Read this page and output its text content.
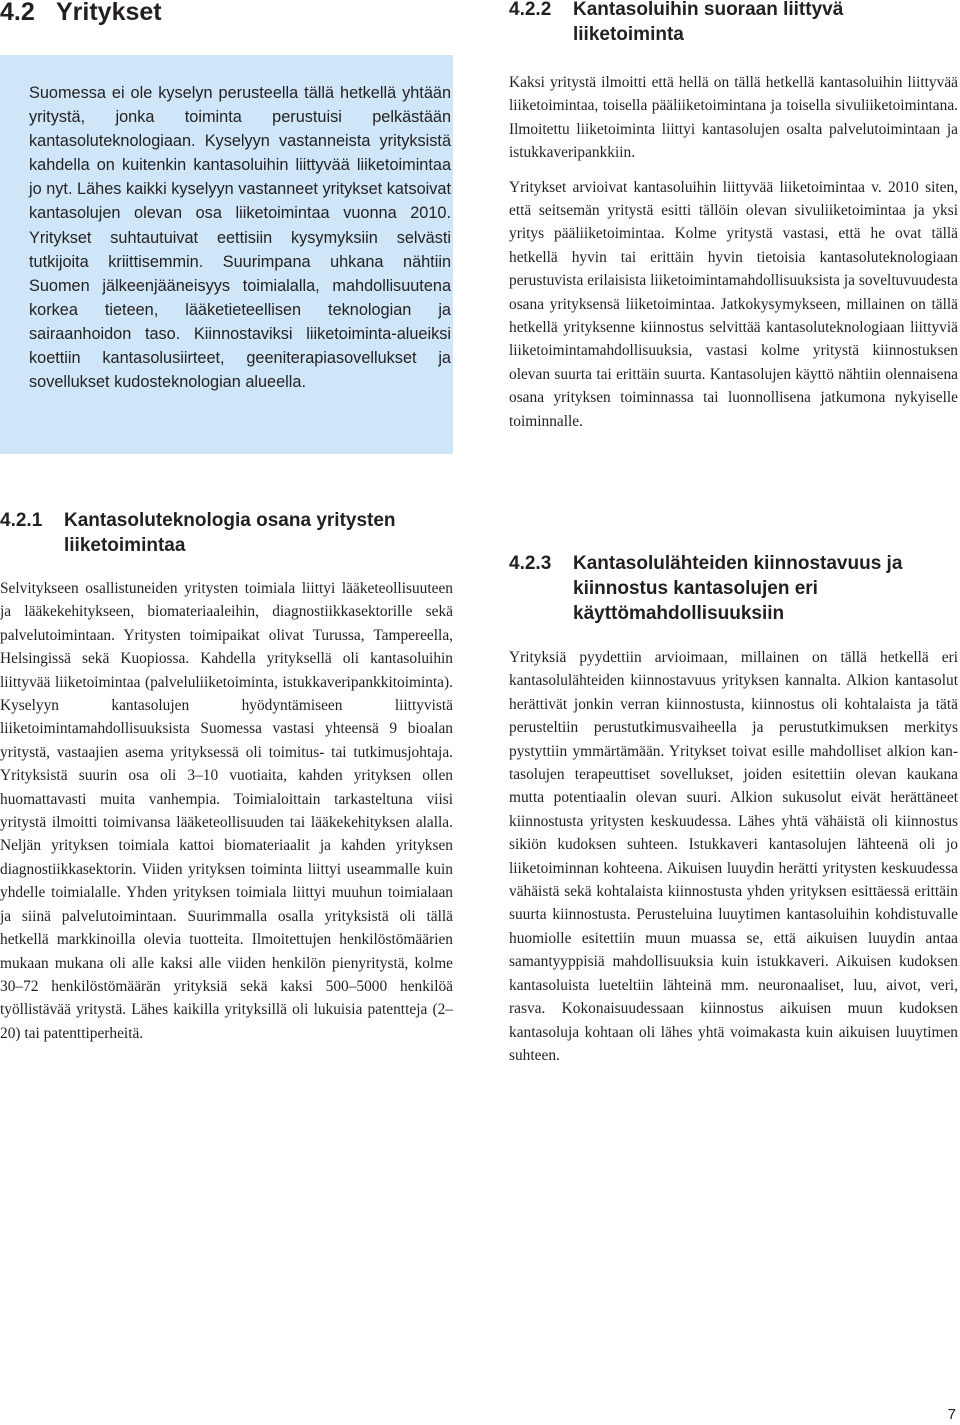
4.2 Yritykset
Suomessa ei ole kyselyn perusteella tällä hetkellä yhtään yritystä, jonka toiminta perustuisi pelkästään kantasoluteknologiaan. Kyselyyn vastanneista yrityksistä kahdella on kuitenkin kantasoluihin liittyvää liiketoimintaa jo nyt. Lähes kaikki kyselyyn vastanneet yritykset katsoivat kantasolujen olevan osa liiketoimintaa vuonna 2010. Yritykset suhtautuivat eettisiin kysymyksiin selvästi tutkijoita kriittisemmin. Suurimpana uhkana nähtiin Suomen jälkeenjääneisyys toimialalla, mahdollisuutena korkea tieteen, lääketieteellisen teknologian ja sairaanhoidon taso. Kiinnostaviksi liiketoiminta-alueiksi koettiin kantasolusiirteet, geeniterapiasovellukset ja sovellukset kudosteknologian alueella.
4.2.1 Kantasoluteknologia osana yritysten liiketoimintaa

Selvitykseen osallistuneiden yritysten toimiala liittyi lääketeollisuuteen ja lääkekehitykseen, biomateriaaleihin, diagnostiikkasektorille sekä palvelutoimintaan. Yritysten toimipaikat olivat Turussa, Tampereella, Helsingissä sekä Kuopiossa. Kahdella yrityksellä oli kantasoluihin liittyvää liiketoimintaa (palveluliiketoiminta, istukkaveripankkitoiminta). Kyselyyn kantasolujen hyödyntämiseen liittyvistä liiketoimintamahdollisuuksista Suomessa vastasi yhteensä 9 bioalan yritystä, vastaajien asema yrityksessä oli toimitus- tai tutkimusjohtaja. Yrityksistä suurin osa oli 3–10 vuotiaita, kahden yrityksen ollen huomattavasti muita vanhempia. Toimialoittain tarkasteltuna viisi yritystä ilmoitti toimivansa lääketeollisuuden tai lääkekehityksen alalla. Neljän yrityksen toimiala kattoi biomateriaalit ja kahden yrityksen diagnostiikkasektorin. Viiden yrityksen toiminta liittyi useammalle kuin yhdelle toimialalle. Yhden yrityksen toimiala liittyi muuhun toimialaan ja siinä palvelutoimintaan. Suurimmalla osalla yrityksistä oli tällä hetkellä markkinoilla olevia tuotteita. Ilmoitettujen henkilöstömäärien mukaan mukana oli alle kaksi alle viiden henkilön pienyritystä, kolme 30–72 henkilöstömäärän yrityksiä sekä kaksi 500–5000 henkilöä työllistävää yritystä. Lähes kaikilla yrityksillä oli lukuisia patentteja (2–20) tai patenttiperheitä.

4.2.2 Kantasoluihin suoraan liittyvä liiketoiminta

Kaksi yritystä ilmoitti että hellä on tällä hetkellä kantasoluihin liittyvää liiketoimintaa, toisella pääliiketoimintana ja toisella sivuliiketoimintana. Ilmoitettu liiketoiminta liittyi kantasolujen osalta palvelutoimintaan ja istukkaveripankkiin.

Yritykset arvioivat kantasoluihin liittyvää liiketoimintaa v. 2010 siten, että seitsemän yritystä esitti tällöin olevan sivuliiketoimintaa ja yksi yritys pääliiketoimintaa. Kolme yritystä vastasi, että he ovat tällä hetkellä hyvin tai erittäin hyvin tietoisia kantasoluteknologiaan perustuvista erilaisista liiketoimintamahdollisuuksista ja soveltuvuudesta osana yrityksensä liiketoimintaa. Jatkokysymykseen, millainen on tällä hetkellä yrityksenne kiinnostus selvittää kantasoluteknologiaan liittyviä liiketoimintamahdollisuuksia, vastasi kolme yritystä kiinnostuksen olevan suurta tai erittäin suurta. Kantasolujen käyttö nähtiin olennaisena osana yrityksen toiminnassa tai luonnollisena jatkumona nykyiselle toiminnalle.

4.2.3 Kantasolulähteiden kiinnostavuus ja kiinnostus kantasolujen eri käyttömahdollisuuksiin

Yrityksiä pyydettiin arvioimaan, millainen on tällä hetkellä eri kantasolulähteiden kiinnostavuus yrityksen kannalta. Alkion kantasolut herättivät jonkin verran kiinnostusta, kiinnostus oli kohtalaista ja tätä perusteltiin perustutkimusvaiheella ja perustutkimuksen merkitys pystyttiin ymmärtämään. Yritykset toivat esille mahdolliset alkion kantasolujen terapeuttiset sovellukset, joiden esitettiin olevan kaukana mutta potentiaalin olevan suuri. Alkion sukusolut eivät herättäneet kiinnostusta yritysten keskuudessa. Lähes yhtä vähäistä oli kiinnostus sikiön kudoksen suhteen. Istukkaveri kantasolujen lähteenä oli jo liiketoiminnan kohteena. Aikuisen luuydin herätti yritysten keskuudessa vähäistä sekä kohtalaista kiinnostusta yhden yrityksen esittäessä erittäin suurta kiinnostusta. Perusteluina luuytimen kantasoluihin kohdistuvalle huomiolle esitettiin muun muassa se, että aikuisen luuydin antaa samantyyppisiä mahdollisuuksia kuin istukkaveri. Aikuisen kudoksen kantasoluista lueteltiin lähteinä mm. neuronaaliset, luu, aivot, veri, rasva. Kokonaisuudessaan kiinnostus aikuisen muun kudoksen kantasoluja kohtaan oli lähes yhtä voimakasta kuin aikuisen luuytimen suhteen.

7
